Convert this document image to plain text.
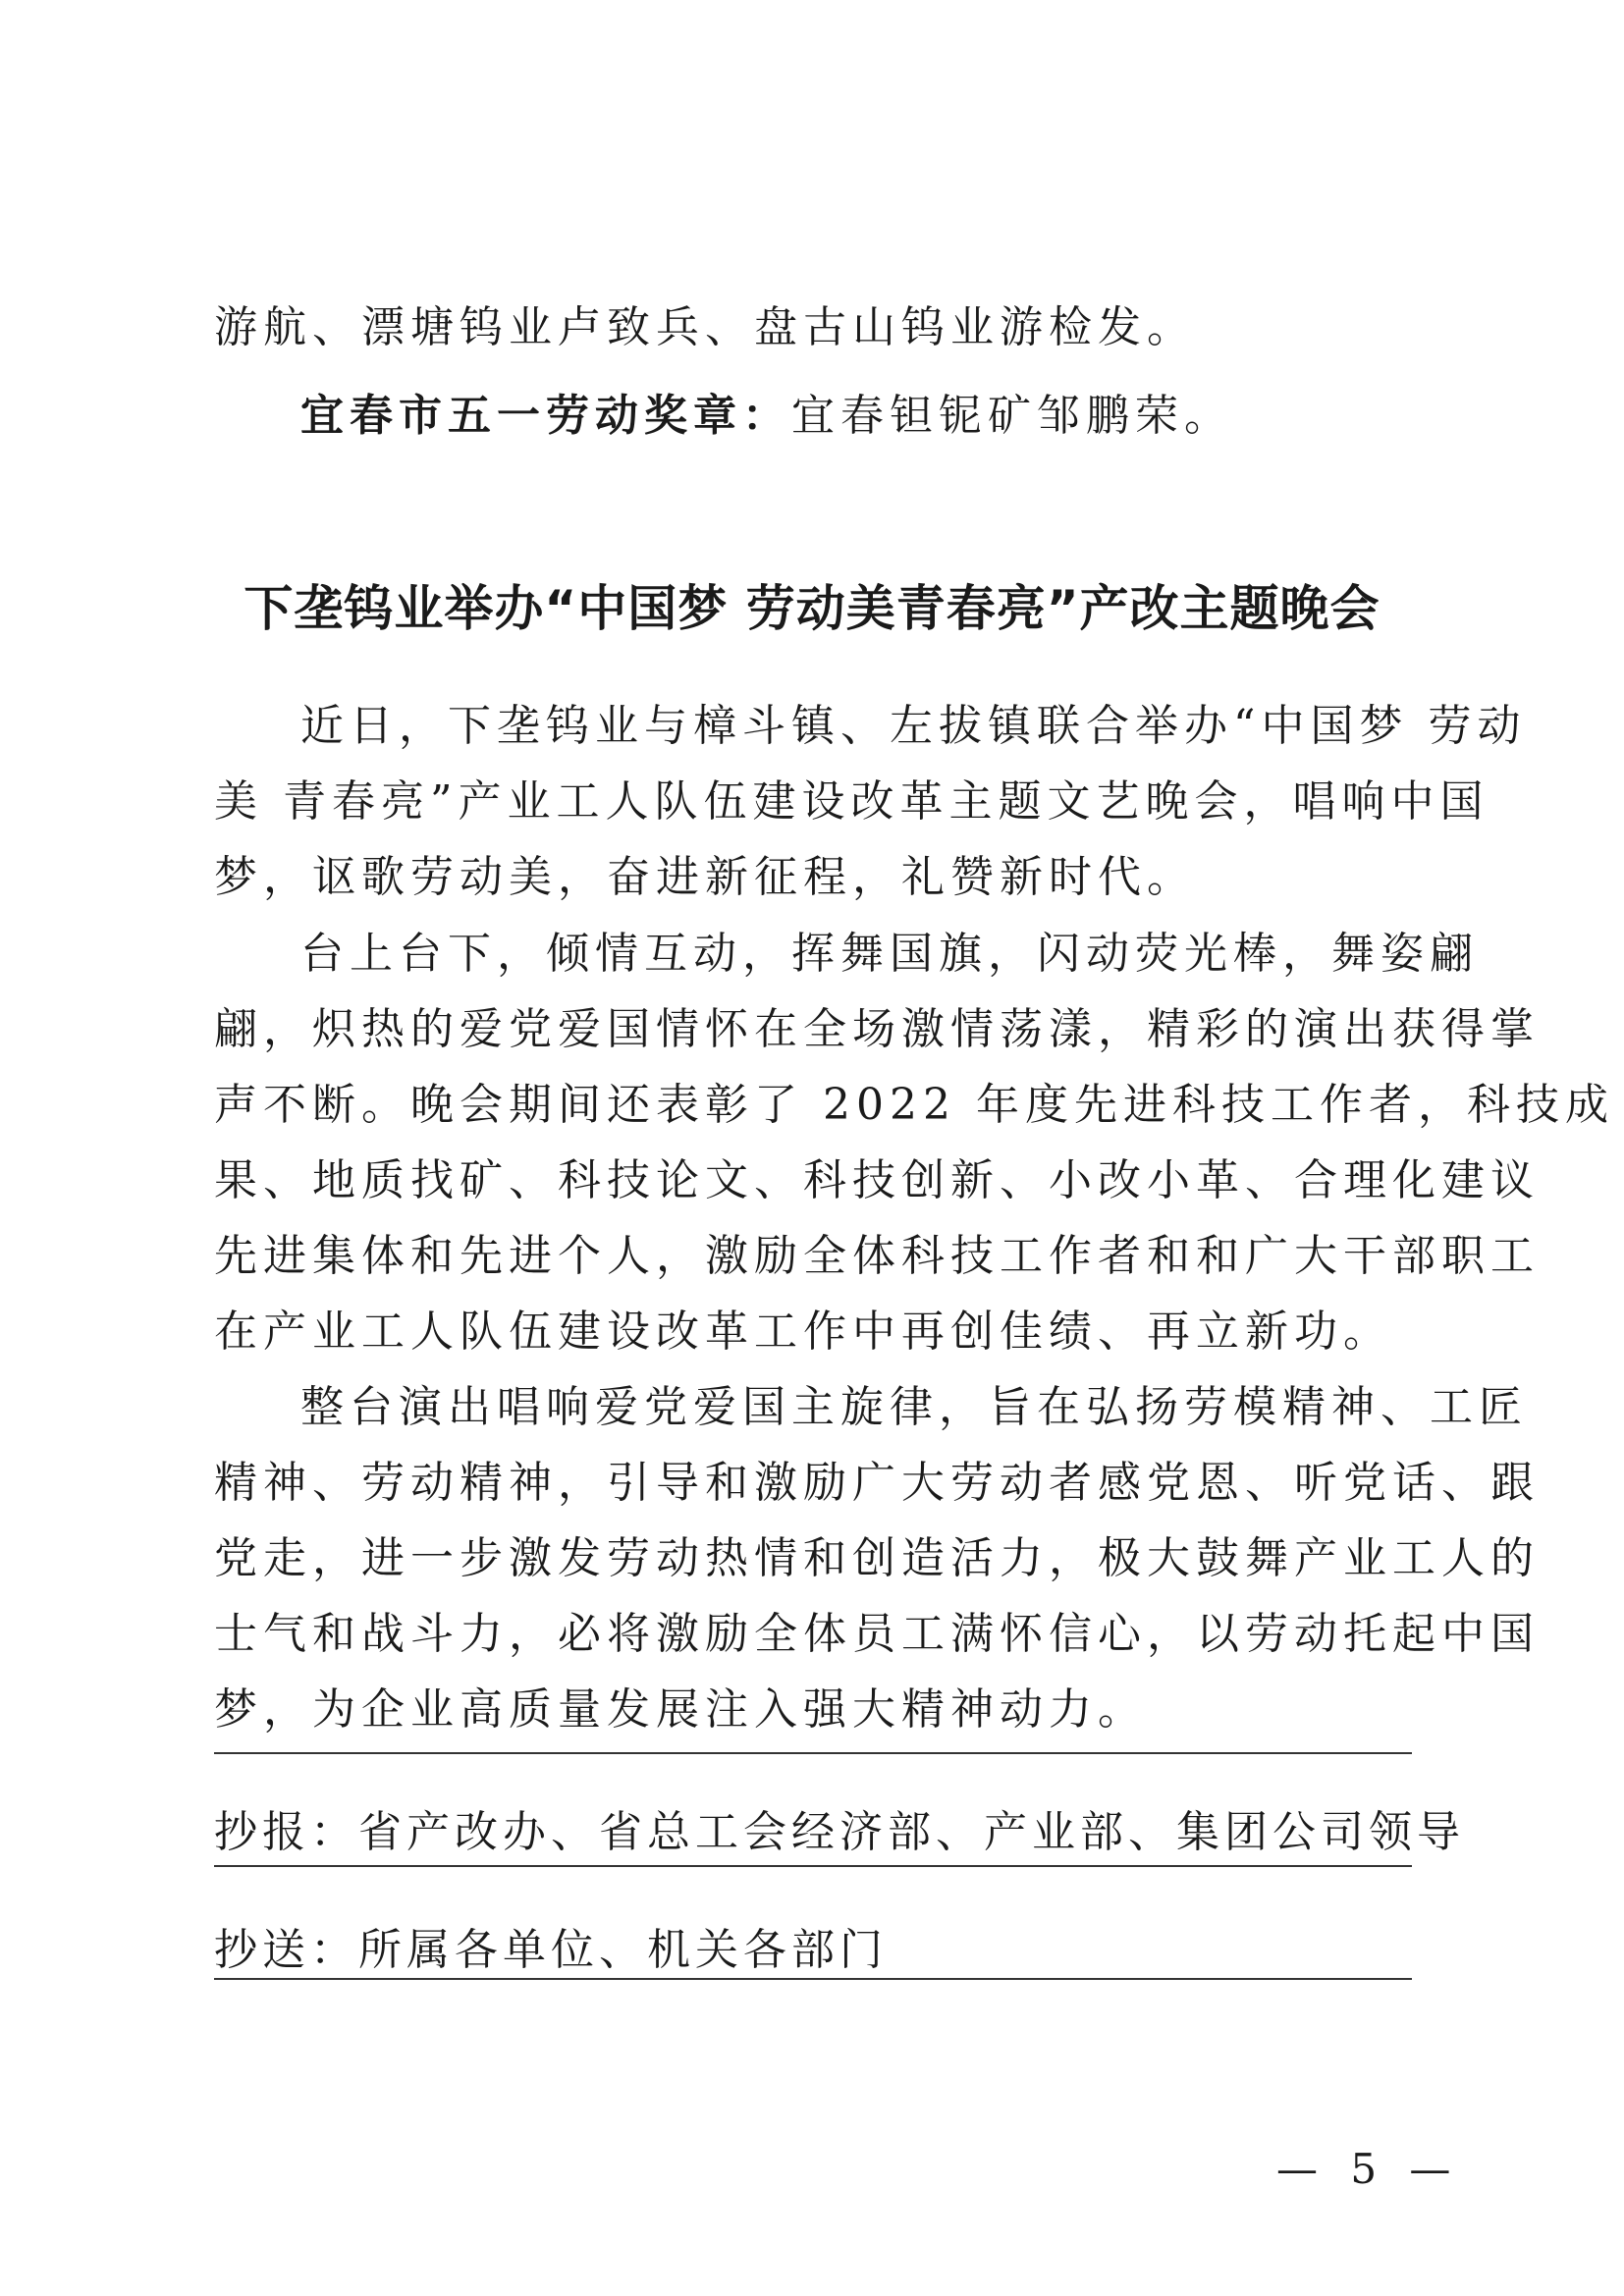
游航、漂塘钨业卢致兵、盘古山钨业游检发。
宜春市五一劳动奖章：宜春钽铌矿邹鹏荣。
下垄钨业举办“中国梦 劳动美青春亮”产改主题晚会
近日，下垄钨业与樟斗镇、左拔镇联合举办“中国梦 劳动
美 青春亮”产业工人队伍建设改革主题文艺晚会，唱响中国
梦，讴歌劳动美，奋进新征程，礼赞新时代。
台上台下，倾情互动，挥舞国旗，闪动荧光棒，舞姿翩
翩，炽热的爱党爱国情怀在全场激情荡漾，精彩的演出获得掌
声不断。晚会期间还表彰了 2022 年度先进科技工作者，科技成
果、地质找矿、科技论文、科技创新、小改小革、合理化建议
先进集体和先进个人，激励全体科技工作者和和广大干部职工
在产业工人队伍建设改革工作中再创佳绩、再立新功。
整台演出唱响爱党爱国主旋律，旨在弘扬劳模精神、工匠
精神、劳动精神，引导和激励广大劳动者感党恩、听党话、跟
党走，进一步激发劳动热情和创造活力，极大鼓舞产业工人的
士气和战斗力，必将激励全体员工满怀信心，以劳动托起中国
梦，为企业高质量发展注入强大精神动力。
抄报：省产改办、省总工会经济部、产业部、集团公司领导
抄送：所属各单位、机关各部门
— 5 —
